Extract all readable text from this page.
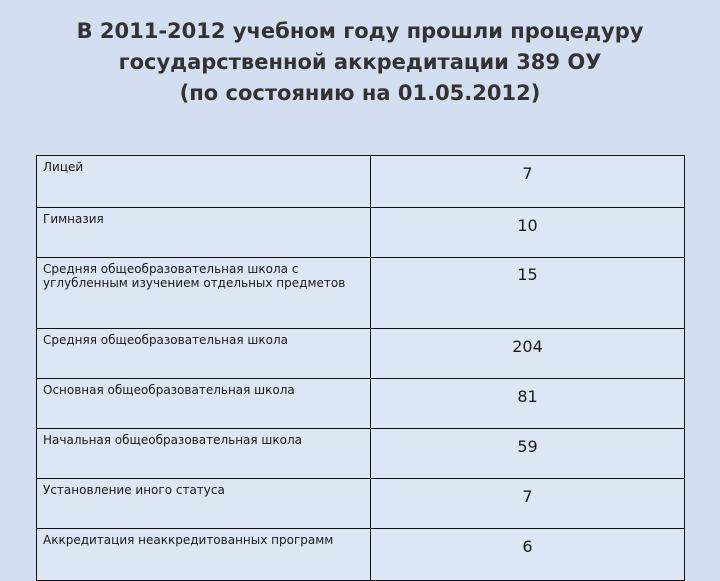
В 2011-2012 учебном году прошли процедуру
государственной аккредитации 389 ОУ
(по состоянию на 01.05.2012)
Лицей	7
Гимназия	10
Средняя общеобразовательная школа с углубленным изучением отдельных предметов	15
Средняя общеобразовательная школа	204
Основная общеобразовательная школа	81
Начальная общеобразовательная школа	59
Установление иного статуса	7
Аккредитация неаккредитованных программ	6
